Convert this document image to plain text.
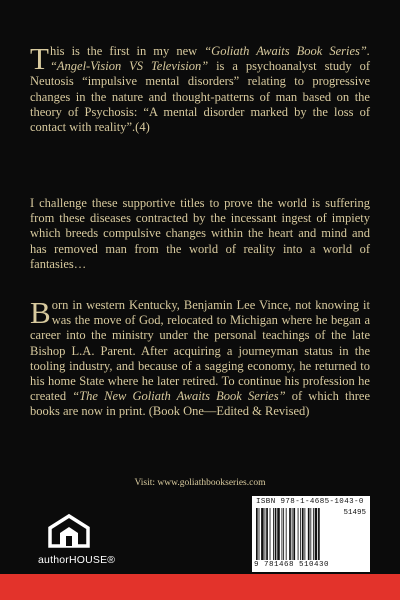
This is the first in my new “Goliath Awaits Book Series”. “Angel-Vision VS Television” is a psychoanalyst study of Neutosis “impulsive mental disorders” relating to progressive changes in the nature and thought-patterns of man based on the theory of Psychosis: “A mental disorder marked by the loss of contact with reality”.(4)
I challenge these supportive titles to prove the world is suffering from these diseases contracted by the incessant ingest of impiety which breeds compulsive changes within the heart and mind and has removed man from the world of reality into a world of fantasies…
Born in western Kentucky, Benjamin Lee Vince, not knowing it was the move of God, relocated to Michigan where he began a career into the ministry under the personal teachings of the late Bishop L.A. Parent. After acquiring a journeyman status in the tooling industry, and because of a sagging economy, he returned to his home State where he later retired. To continue his profession he created “The New Goliath Awaits Book Series” of which three books are now in print. (Book One––Edited & Revised)
Visit: www.goliathbookseries.com
authorHOUSE®
ISBN 978-1-4685-1043-0
51495
9 781468 510430
